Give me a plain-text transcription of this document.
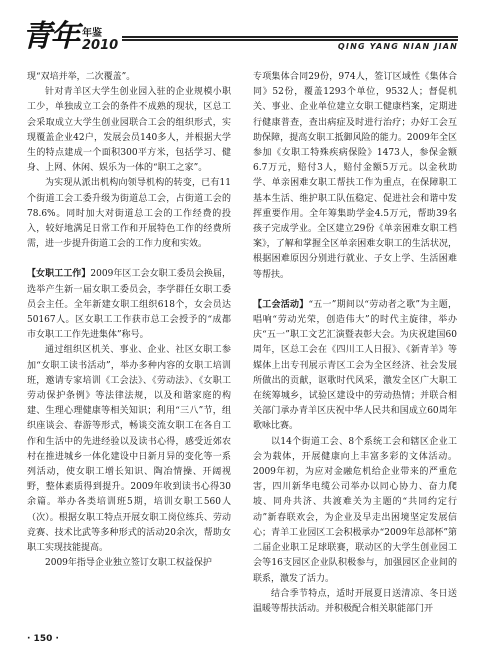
青年 年鉴
2010	QING YANG NIAN JIAN

现“双培并举，二次覆盖”。

针对青羊区大学生创业园入驻的企业规模小职工少，单独成立工会的条件不成熟的现状，区总工会采取成立大学生创业园联合工会的组织形式，实现覆盖企业42户，发展会员140多人，并根据大学生的特点建成一个面积300平方米，包括学习、健身、上网、休闲、娱乐为一体的“职工之家”。

为实现从派出机构向领导机构的转变，已有11个街道工会工委升级为街道总工会，占街道工会的78.6%。同时加大对街道总工会的工作经费的投入，较好地满足日常工作和开展特色工作的经费所需，进一步提升街道工会的工作力度和实效。

【女职工工作】2009年区工会女职工委员会换届，选举产生新一届女职工委员会，李学群任女职工委员会主任。全年新建女职工组织618个，女会员达50167人。区女职工工作获市总工会授予的“成都市女职工工作先进集体”称号。

通过组织区机关、事业、企业、社区女职工参加“女职工读书活动”，举办多种内容的女职工培训班，邀请专家培训《工会法》、《劳动法》、《女职工劳动保护条例》等法律法规，以及和谐家庭的构建、生理心理健康等相关知识；利用“三八”节，组织座谈会、春游等形式，畅谈交流女职工在各自工作和生活中的先进经验以及读书心得，感受近郊农村在推进城乡一体化建设中日新月异的变化等一系列活动，使女职工增长知识、陶冶情操、开阔视野，整体素质得到提升。2009年收到读书心得30余篇。举办各类培训班5期，培训女职工560人（次）。根据女职工特点开展女职工岗位练兵、劳动竞赛、技术比武等多种形式的活动20余次，帮助女职工实现技能提高。

2009年指导企业独立签订女职工权益保护

专项集体合同29份，974人，签订区域性《集体合同》52份，覆盖1293个单位，9532人；督促机关、事业、企业单位建立女职工健康档案，定期进行健康普查，查出病症及时进行治疗；办好工会互助保障，提高女职工抵御风险的能力。2009年全区参加《女职工特殊疾病保险》1473人，参保金额6.7万元，赔付3人，赔付金额5万元。以金秋助学、单亲困难女职工帮扶工作为重点，在保障职工基本生活、维护职工队伍稳定、促进社会和谐中发挥重要作用。全年筹集助学金4.5万元，帮助39名孩子完成学业。全区建立29份《单亲困难女职工档案》，了解和掌握全区单亲困难女职工的生活状况，根据困难原因分别进行就业、子女上学、生活困难等帮扶。

【工会活动】“五一”期间以“劳动者之歌”为主题，唱响“劳动光荣，创造伟大”的时代主旋律，举办庆“五一”职工文艺汇演暨表彰大会。为庆祝建国60周年，区总工会在《四川工人日报》、《新青羊》等媒体上出专刊展示青区工会为全区经济、社会发展所做出的贡献，讴歌时代风采，激发全区广大职工在统筹城乡，试验区建设中的劳动热情；并联合相关部门承办青羊区庆祝中华人民共和国成立60周年歌咏比赛。

以14个街道工会、8个系统工会和辖区企业工会为载体，开展健康向上丰富多彩的文体活动。2009年初，为应对金融危机给企业带来的严重危害，四川新华电缆公司举办以同心协力、奋力爬坡、同舟共济、共渡难关为主题的“共同约定行动”新春联欢会，为企业及早走出困境坚定发展信心；青羊工业园区工会积极承办“2009年总部杯”第二届企业职工足球联赛，联动区的大学生创业园工会等16支园区企业队积极参与，加强园区企业间的联系，激发了活力。

结合季节特点，适时开展夏日送清凉、冬日送温暖等帮扶活动。并积极配合相关职能部门开

· 150 ·
